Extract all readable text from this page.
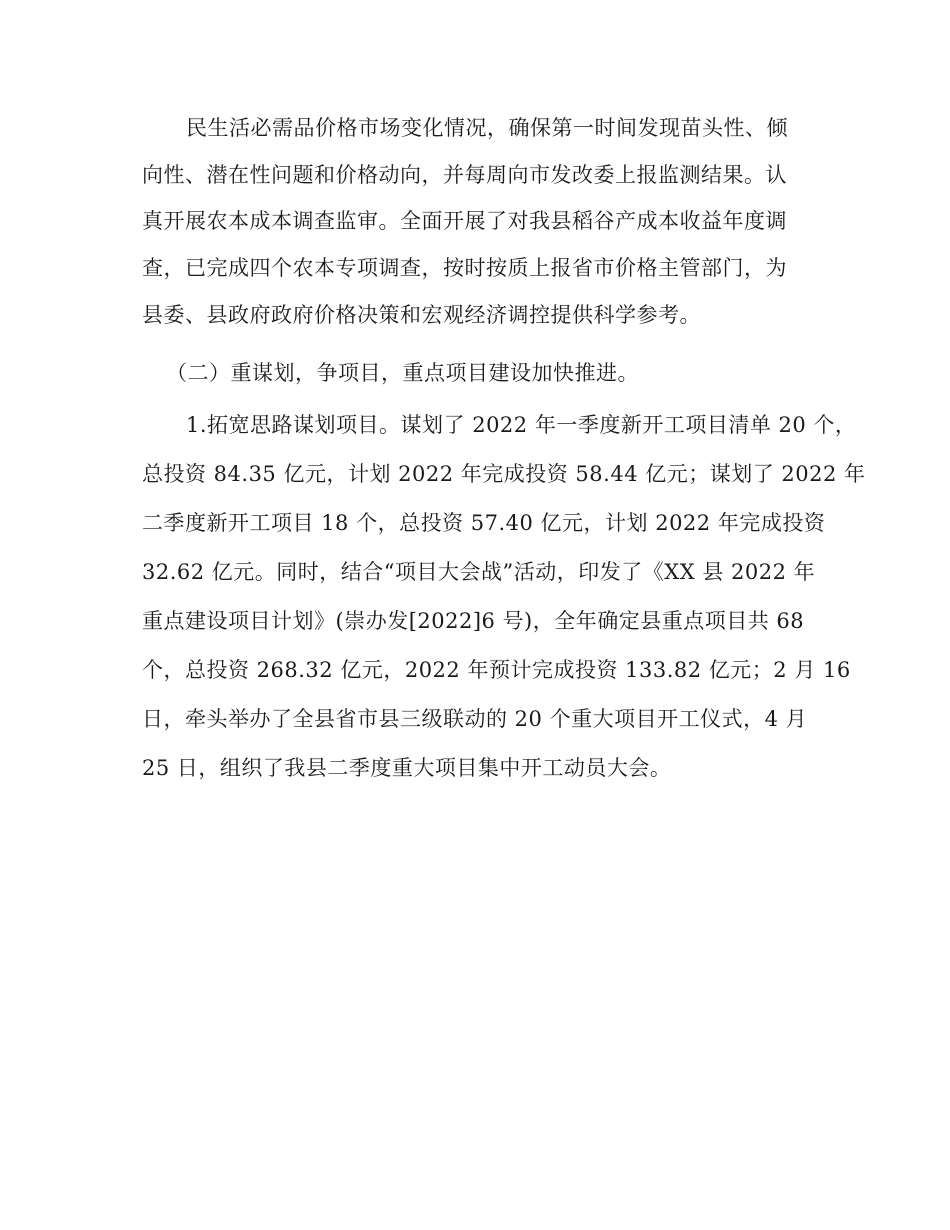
民生活必需品价格市场变化情况，确保第一时间发现苗头性、倾
向性、潜在性问题和价格动向，并每周向市发改委上报监测结果。认
真开展农本成本调查监审。全面开展了对我县稻谷产成本收益年度调
查，已完成四个农本专项调查，按时按质上报省市价格主管部门，为
县委、县政府政府价格决策和宏观经济调控提供科学参考。
（二）重谋划，争项目，重点项目建设加快推进。
1.拓宽思路谋划项目。谋划了 2022 年一季度新开工项目清单 20 个，
总投资 84.35 亿元，计划 2022 年完成投资 58.44 亿元；谋划了 2022 年
二季度新开工项目 18 个，总投资 57.40 亿元，计划 2022 年完成投资
32.62 亿元。同时，结合“项目大会战”活动，印发了《XX 县 2022 年
重点建设项目计划》(崇办发[2022]6 号)，全年确定县重点项目共 68
个，总投资 268.32 亿元，2022 年预计完成投资 133.82 亿元；2 月 16
日，牵头举办了全县省市县三级联动的 20 个重大项目开工仪式，4 月
25 日，组织了我县二季度重大项目集中开工动员大会。
